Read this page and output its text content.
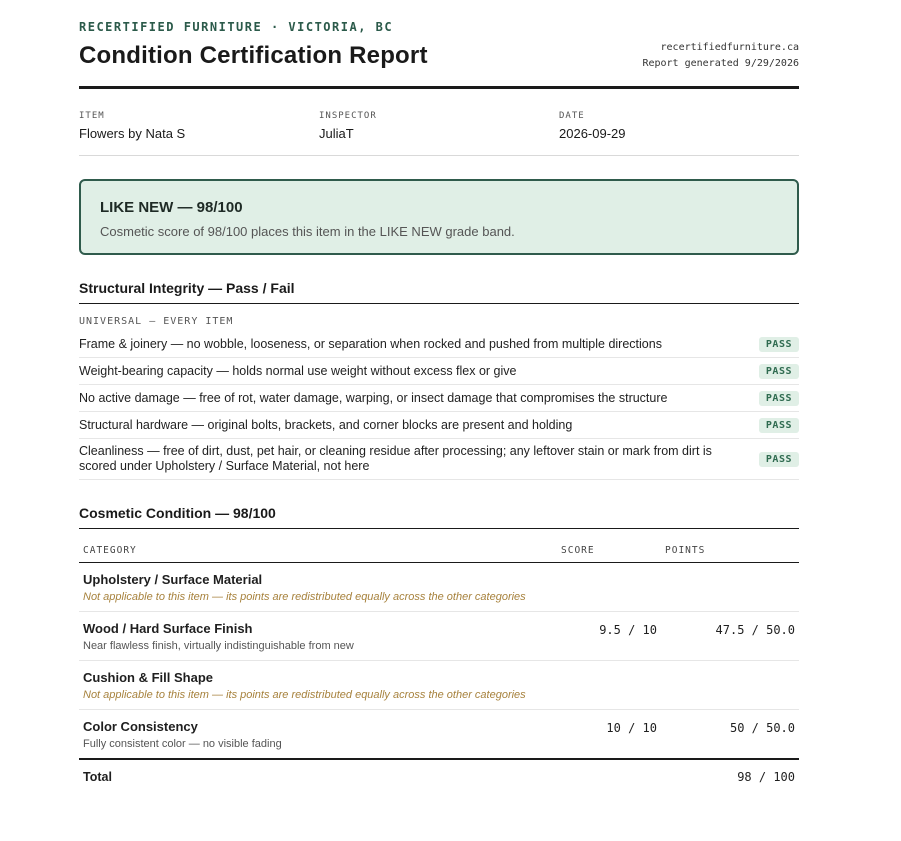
RECERTIFIED FURNITURE · VICTORIA, BC
Condition Certification Report	recertifiedfurniture.ca
Report generated 9/29/2026
ITEM
Flowers by Nata S
INSPECTOR
JuliaT
DATE
2026-09-29
LIKE NEW — 98/100
Cosmetic score of 98/100 places this item in the LIKE NEW grade band.
Structural Integrity — Pass / Fail
UNIVERSAL — EVERY ITEM
Frame & joinery — no wobble, looseness, or separation when rocked and pushed from multiple directions	PASS
Weight-bearing capacity — holds normal use weight without excess flex or give	PASS
No active damage — free of rot, water damage, warping, or insect damage that compromises the structure	PASS
Structural hardware — original bolts, brackets, and corner blocks are present and holding	PASS
Cleanliness — free of dirt, dust, pet hair, or cleaning residue after processing; any leftover stain or mark from dirt is scored under Upholstery / Surface Material, not here	PASS
Cosmetic Condition — 98/100
CATEGORY	SCORE	POINTS

Upholstery / Surface Material
Not applicable to this item — its points are redistributed equally across the other categories		

Wood / Hard Surface Finish
Near flawless finish, virtually indistinguishable from new	9.5 / 10	47.5 / 50.0

Cushion & Fill Shape
Not applicable to this item — its points are redistributed equally across the other categories		

Color Consistency
Fully consistent color — no visible fading	10 / 10	50 / 50.0
Total		98 / 100
